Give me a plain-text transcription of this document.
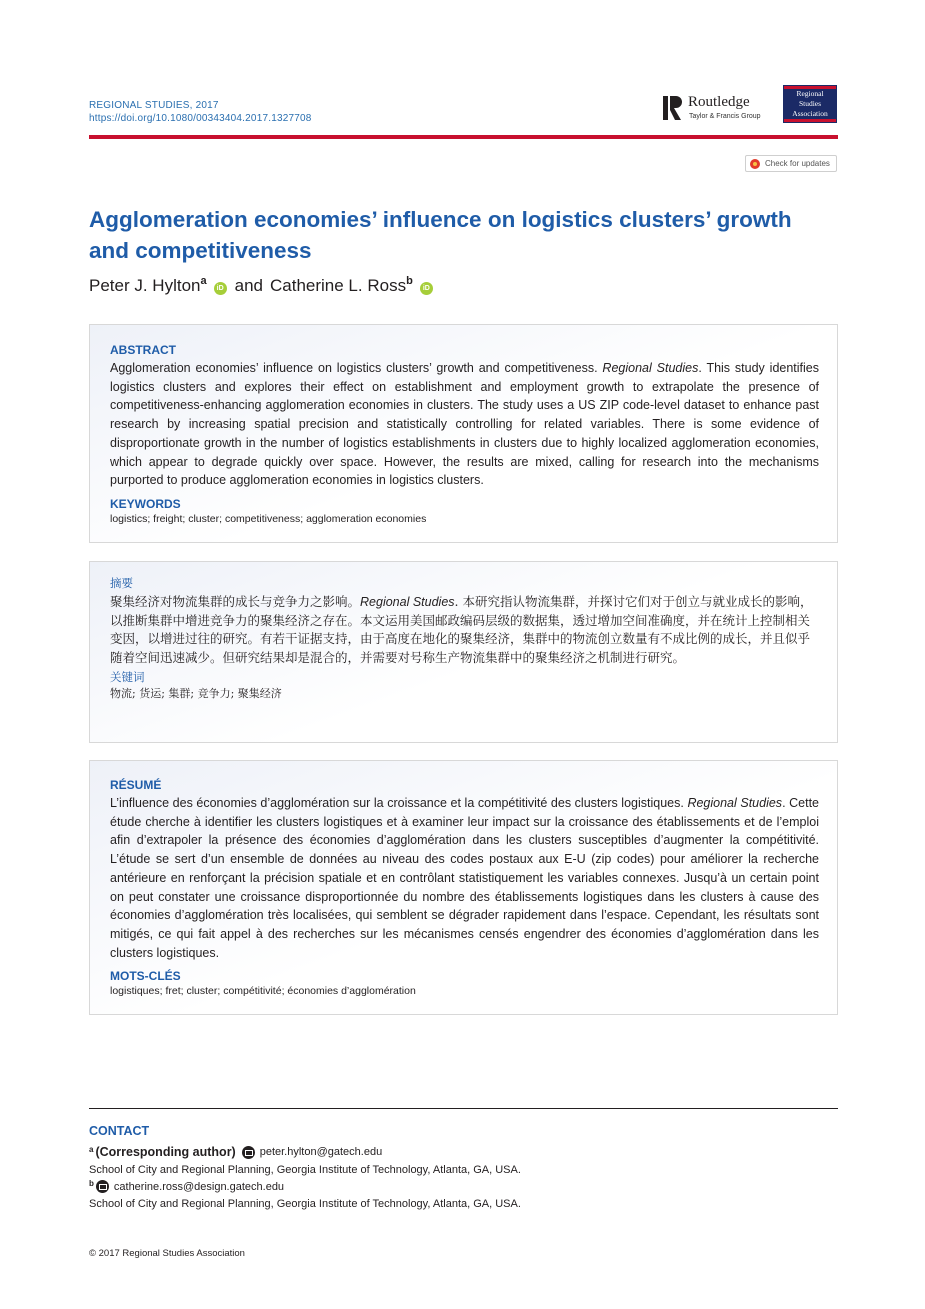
REGIONAL STUDIES, 2017
https://doi.org/10.1080/00343404.2017.1327708
Routledge
Taylor & Francis Group
Regional
Studies
Association
Check for updates
Agglomeration economies’ influence on logistics clusters’ growth and competitiveness
Peter J. Hylton$^a$
iD and Catherine L. Ross$^b$
iD
ABSTRACT
Agglomeration economies’ influence on logistics clusters’ growth and competitiveness. Regional Studies. This study identifies logistics clusters and explores their effect on establishment and employment growth to extrapolate the presence of competitiveness-enhancing agglomeration economies in clusters. The study uses a US ZIP code-level dataset to enhance past research by increasing spatial precision and statistically controlling for related variables. There is some evidence of disproportionate growth in the number of logistics establishments in clusters due to highly localized agglomeration economies, which appear to degrade quickly over space. However, the results are mixed, calling for research into the mechanisms purported to produce agglomeration economies in logistics clusters.
KEYWORDS
logistics; freight; cluster; competitiveness; agglomeration economies
摘要
聚集经济对物流集群的成长与竞争力之影响。Regional Studies. 本研究指认物流集群，并探讨它们对于创立与就业成长的影响，以推断集群中增进竞争力的聚集经济之存在。本文运用美国邮政编码层级的数据集，透过增加空间准确度，并在统计上控制相关变因，以增进过往的研究。有若干证据支持，由于高度在地化的聚集经济，集群中的物流创立数量有不成比例的成长，并且似乎随着空间迅速减少。但研究结果却是混合的，并需要对号称生产物流集群中的聚集经济之机制进行研究。
关键词
物流; 货运; 集群; 竞争力; 聚集经济
RÉSUMÉ
L’influence des économies d’agglomération sur la croissance et la compétitivité des clusters logistiques. Regional Studies. Cette étude cherche à identifier les clusters logistiques et à examiner leur impact sur la croissance des établissements et de l’emploi afin d’extrapoler la présence des économies d’agglomération dans les clusters susceptibles d’augmenter la compétitivité. L’étude se sert d’un ensemble de données au niveau des codes postaux aux E-U (zip codes) pour améliorer la recherche antérieure en renforçant la précision spatiale et en contrôlant statistiquement les variables connexes. Jusqu’à un certain point on peut constater une croissance disproportionnée du nombre des établissements logistiques dans les clusters à cause des économies d’agglomération très localisées, qui semblent se dégrader rapidement dans l’espace. Cependant, les résultats sont mitigés, ce qui fait appel à des recherches sur les mécanismes censés engendrer des économies d’agglomération dans les clusters logistiques.
MOTS-CLÉS
logistiques; fret; cluster; compétitivité; économies d’agglomération
CONTACT
$^a$ (Corresponding author) peter.hylton@gatech.edu
School of City and Regional Planning, Georgia Institute of Technology, Atlanta, GA, USA.
$^b$ catherine.ross@design.gatech.edu
School of City and Regional Planning, Georgia Institute of Technology, Atlanta, GA, USA.
© 2017 Regional Studies Association
